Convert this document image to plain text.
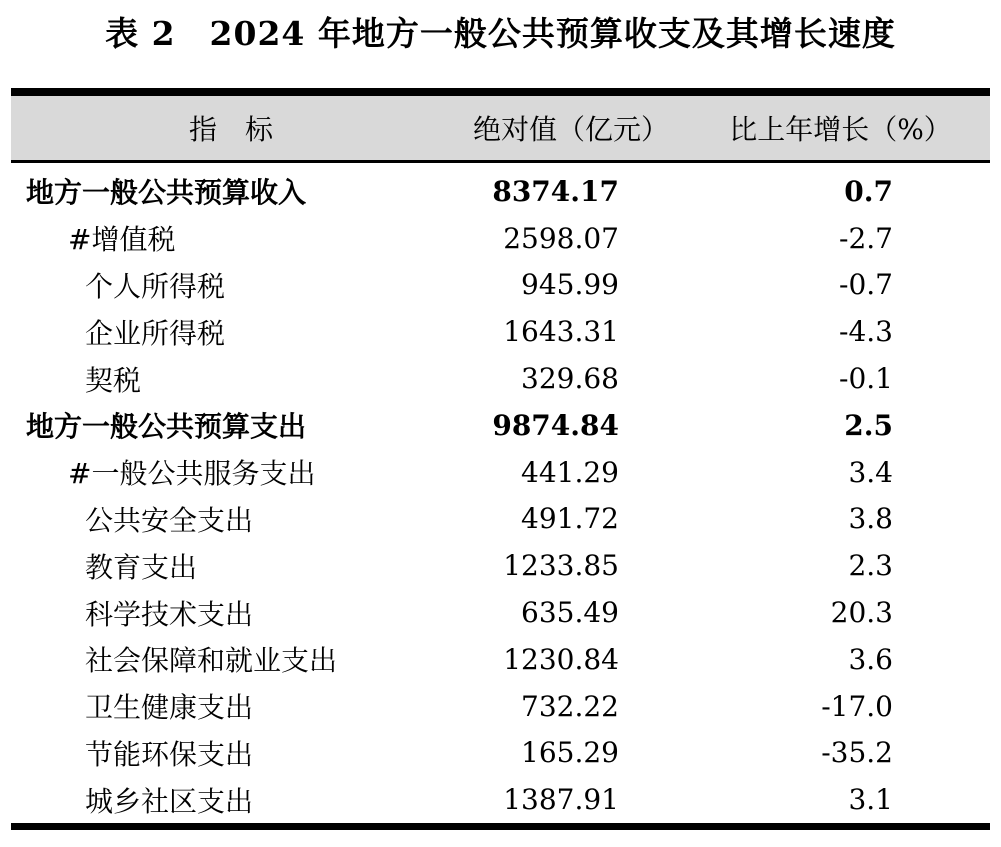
表 2　2024 年地方一般公共预算收支及其增长速度
指　标	绝对值（亿元）	比上年增长（%）
地方一般公共预算收入	8374.17	0.7
#增值税	2598.07	-2.7
个人所得税	945.99	-0.7
企业所得税	1643.31	-4.3
契税	329.68	-0.1
地方一般公共预算支出	9874.84	2.5
#一般公共服务支出	441.29	3.4
公共安全支出	491.72	3.8
教育支出	1233.85	2.3
科学技术支出	635.49	20.3
社会保障和就业支出	1230.84	3.6
卫生健康支出	732.22	-17.0
节能环保支出	165.29	-35.2
城乡社区支出	1387.91	3.1
